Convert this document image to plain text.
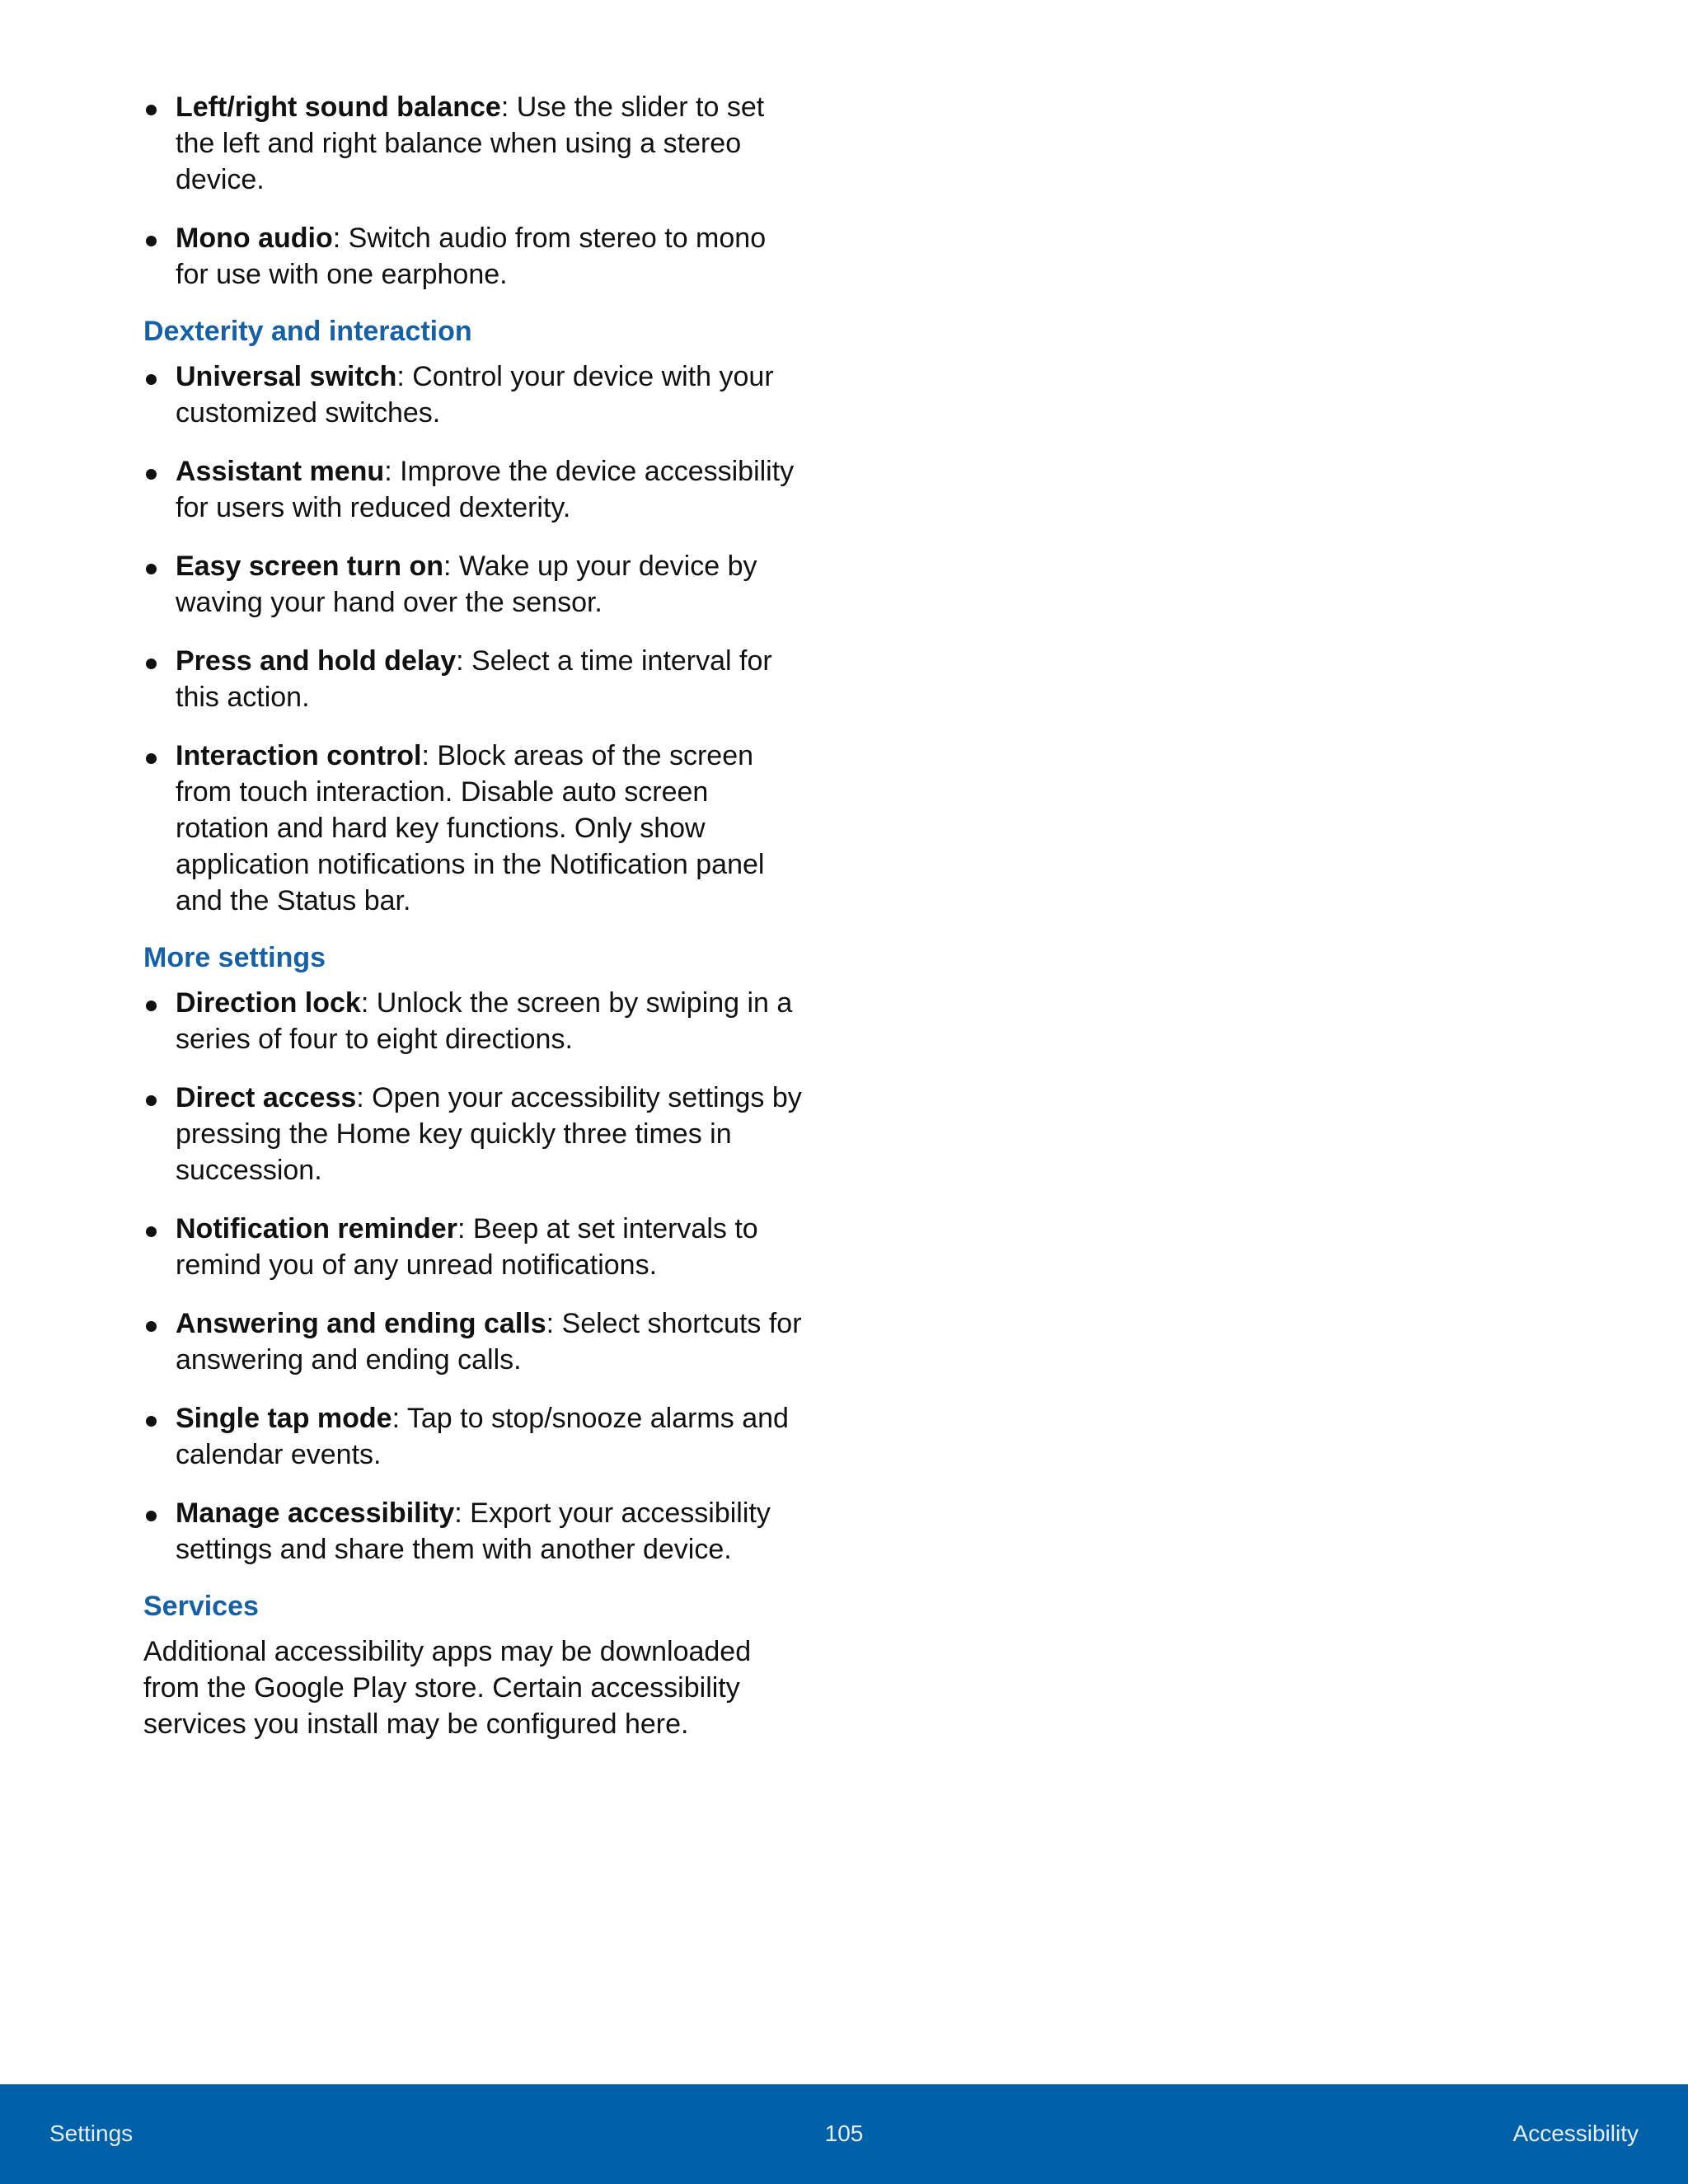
Left/right sound balance: Use the slider to set the left and right balance when using a stereo device.
Mono audio: Switch audio from stereo to mono for use with one earphone.
Dexterity and interaction
Universal switch: Control your device with your customized switches.
Assistant menu: Improve the device accessibility for users with reduced dexterity.
Easy screen turn on: Wake up your device by waving your hand over the sensor.
Press and hold delay: Select a time interval for this action.
Interaction control: Block areas of the screen from touch interaction. Disable auto screen rotation and hard key functions. Only show application notifications in the Notification panel and the Status bar.
More settings
Direction lock: Unlock the screen by swiping in a series of four to eight directions.
Direct access: Open your accessibility settings by pressing the Home key quickly three times in succession.
Notification reminder: Beep at set intervals to remind you of any unread notifications.
Answering and ending calls: Select shortcuts for answering and ending calls.
Single tap mode: Tap to stop/snooze alarms and calendar events.
Manage accessibility: Export your accessibility settings and share them with another device.
Services

Additional accessibility apps may be downloaded from the Google Play store. Certain accessibility services you install may be configured here.

Settings	105	Accessibility
